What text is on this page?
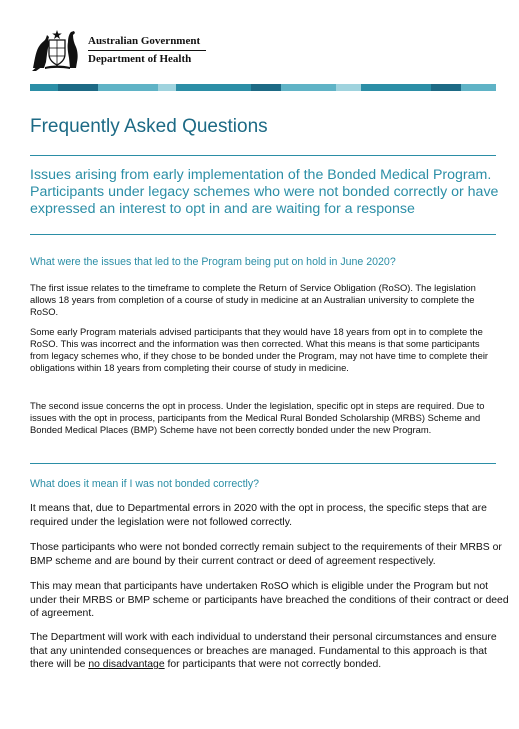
Australian Government
Department of Health
Frequently Asked Questions
Issues arising from early implementation of the Bonded Medical Program. Participants under legacy schemes who were not bonded correctly or have expressed an interest to opt in and are waiting for a response
What were the issues that led to the Program being put on hold in June 2020?

The first issue relates to the timeframe to complete the Return of Service Obligation (RoSO). The legislation allows 18 years from completion of a course of study in medicine at an Australian university to complete the RoSO.

Some early Program materials advised participants that they would have 18 years from opt in to complete the RoSO. This was incorrect and the information was then corrected. What this means is that some participants from legacy schemes who, if they chose to be bonded under the Program, may not have time to complete their obligations within 18 years from completing their course of study in medicine.

The second issue concerns the opt in process. Under the legislation, specific opt in steps are required. Due to issues with the opt in process, participants from the Medical Rural Bonded Scholarship (MRBS) Scheme and Bonded Medical Places (BMP) Scheme have not been correctly bonded under the new Program.

What does it mean if I was not bonded correctly?

It means that, due to Departmental errors in 2020 with the opt in process, the specific steps that are required under the legislation were not followed correctly.

Those participants who were not bonded correctly remain subject to the requirements of their MRBS or BMP scheme and are bound by their current contract or deed of agreement respectively.

This may mean that participants have undertaken RoSO which is eligible under the Program but not under their MRBS or BMP scheme or participants have breached the conditions of their contract or deed of agreement.

The Department will work with each individual to understand their personal circumstances and ensure that any unintended consequences or breaches are managed. Fundamental to this approach is that there will be no disadvantage for participants that were not correctly bonded.
